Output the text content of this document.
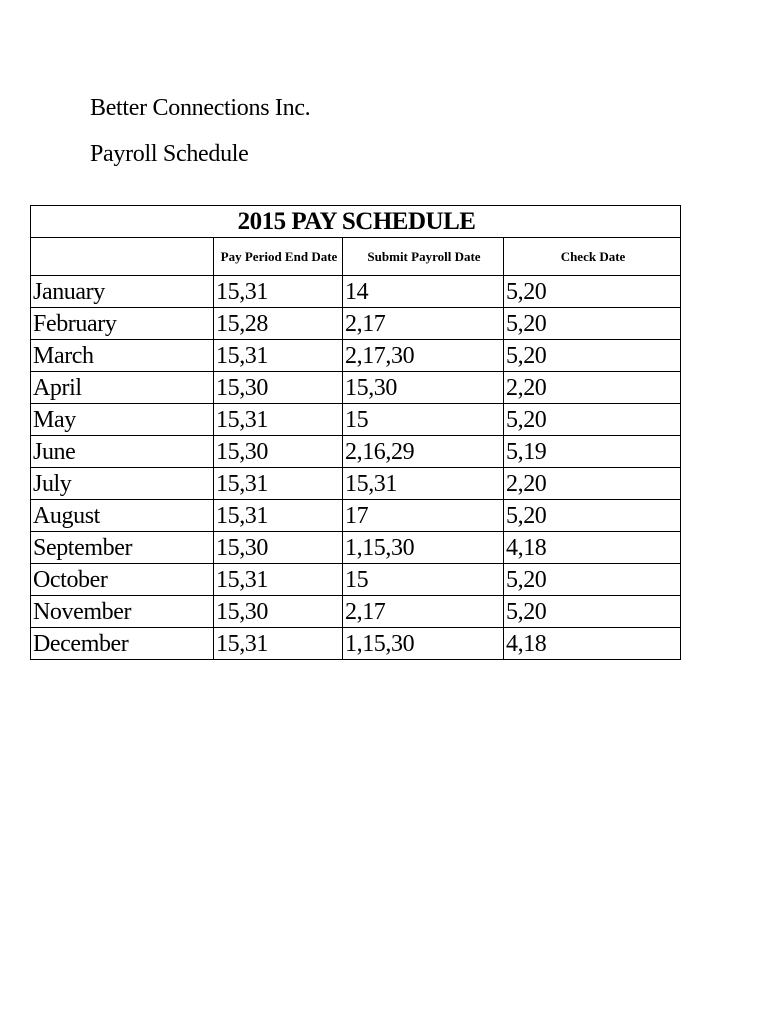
Better Connections Inc.
Payroll Schedule
2015 PAY SCHEDULE			
	Pay Period End Date	Submit Payroll Date	Check Date
January	15,31	14	5,20
February	15,28	2,17	5,20
March	15,31	2,17,30	5,20
April	15,30	15,30	2,20
May	15,31	15	5,20
June	15,30	2,16,29	5,19
July	15,31	15,31	2,20
August	15,31	17	5,20
September	15,30	1,15,30	4,18
October	15,31	15	5,20
November	15,30	2,17	5,20
December	15,31	1,15,30	4,18
